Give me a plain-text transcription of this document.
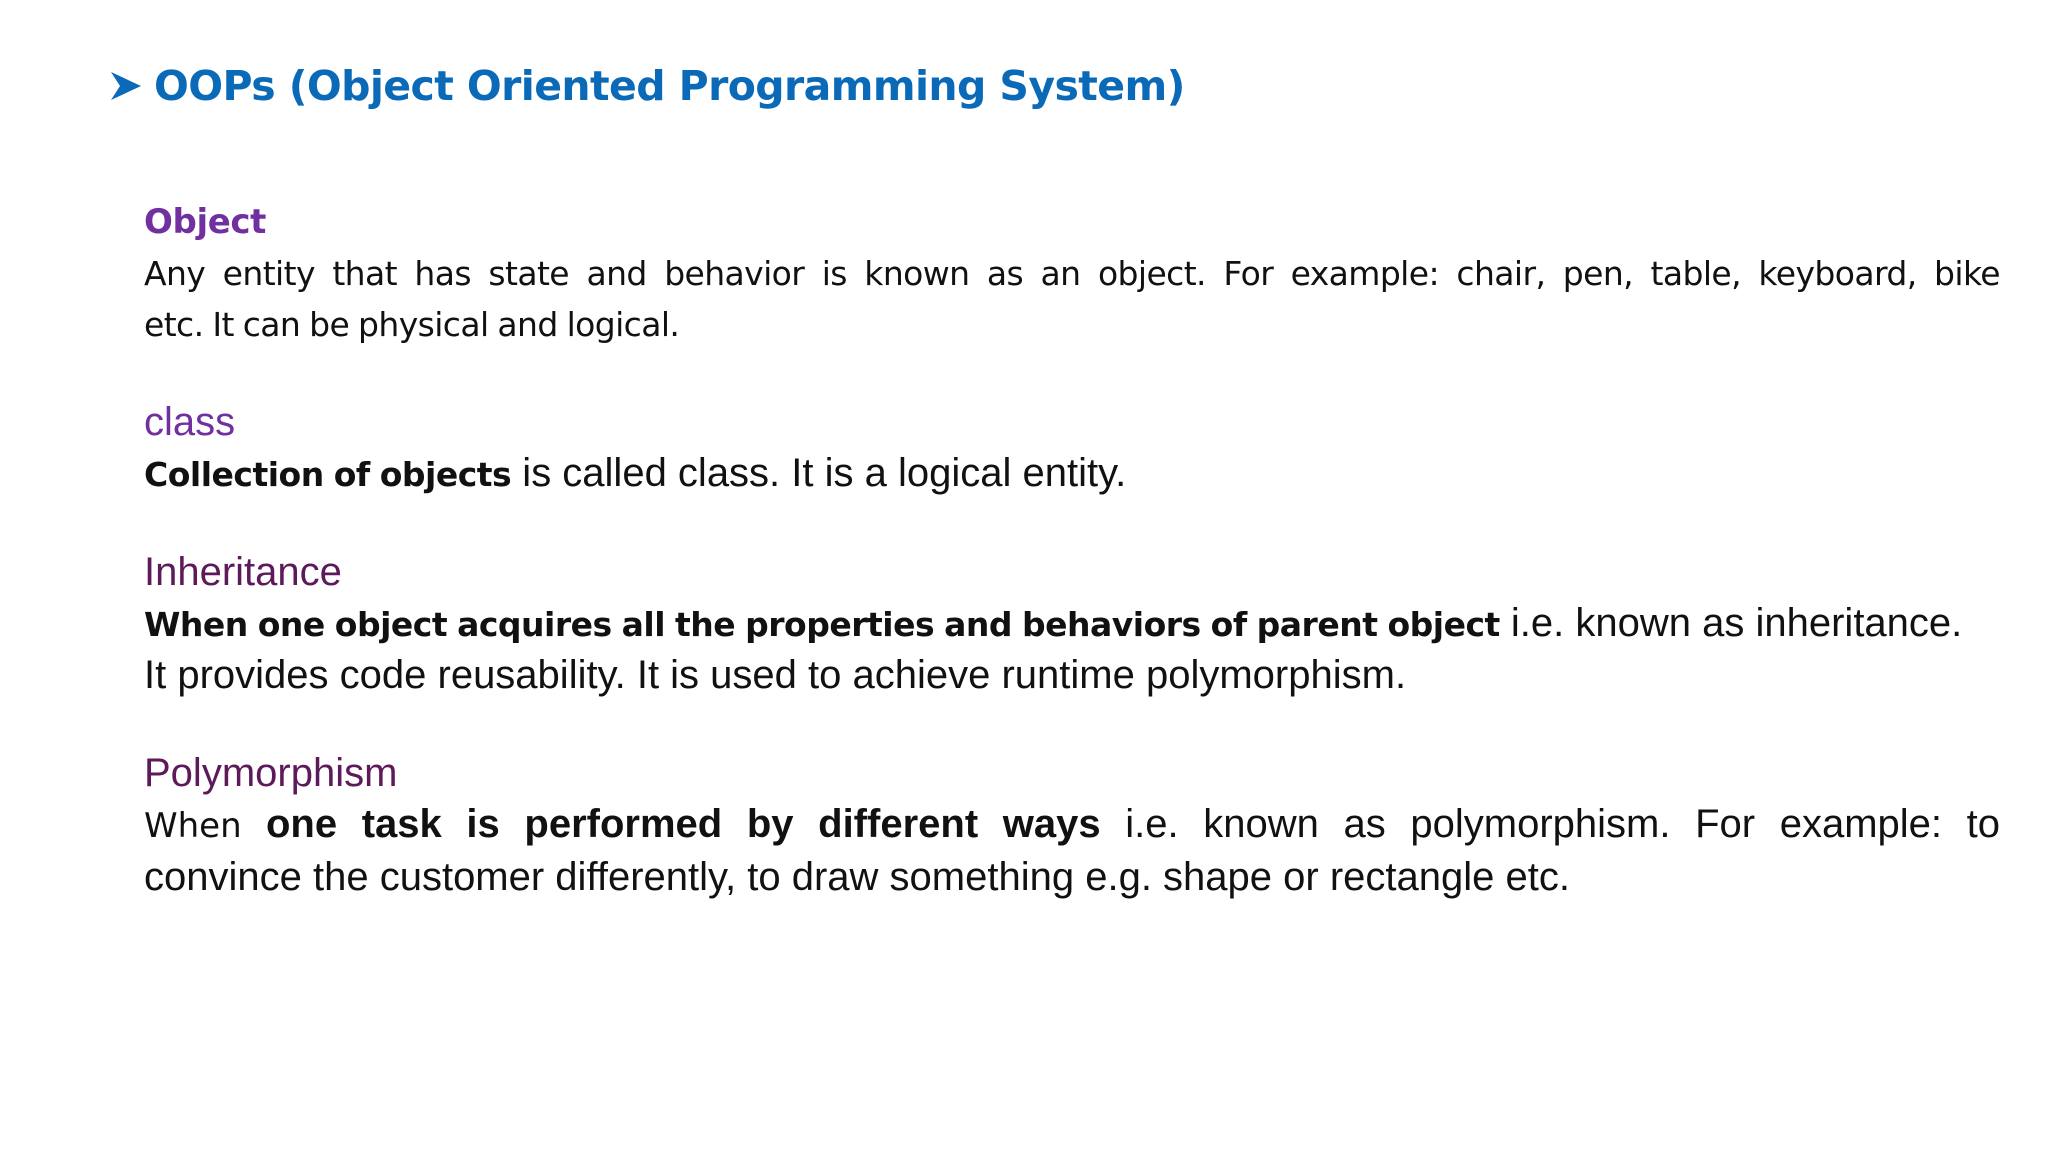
OOPs (Object Oriented Programming System)
Object
Any entity that has state and behavior is known as an object. For example: chair, pen, table, keyboard, bike
etc. It can be physical and logical.
class
Collection of objects is called class. It is a logical entity.
Inheritance
When one object acquires all the properties and behaviors of parent object i.e. known as inheritance.
It provides code reusability. It is used to achieve runtime polymorphism.
Polymorphism
When one task is performed by different ways i.e. known as polymorphism. For example: to
convince the customer differently, to draw something e.g. shape or rectangle etc.
